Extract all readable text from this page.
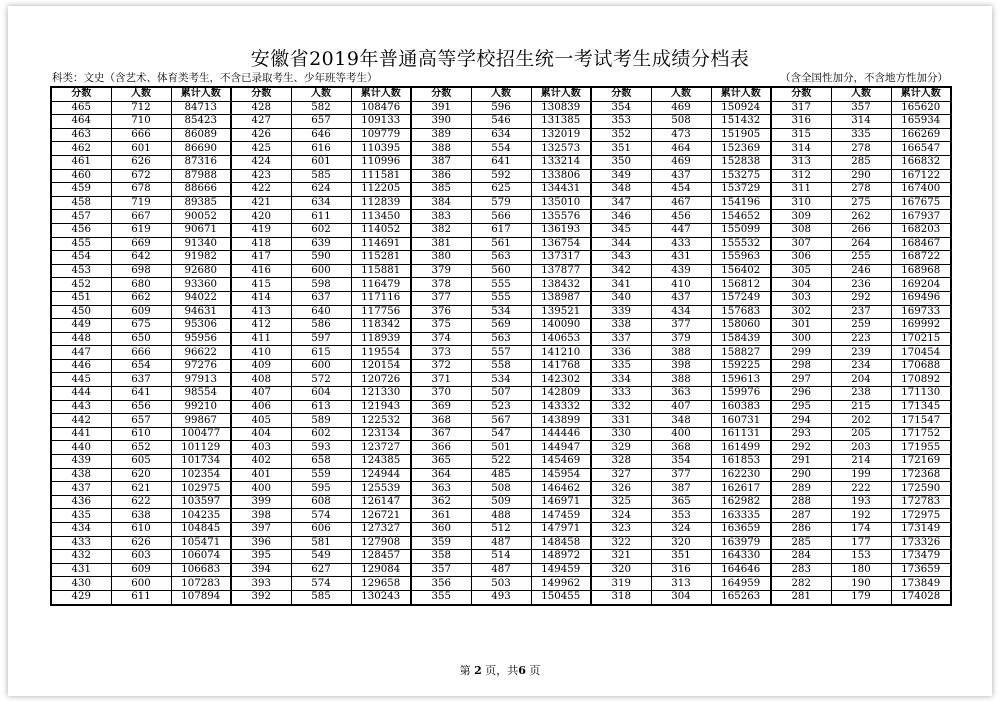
安徽省2019年普通高等学校招生统一考试考生成绩分档表
科类：文史（含艺术、体育类考生，不含已录取考生、少年班等考生）	（含全国性加分，不含地方性加分）
分数	人数	累计人数	分数	人数	累计人数	分数	人数	累计人数	分数	人数	累计人数	分数	人数	累计人数
465	712	84713	428	582	108476	391	596	130839	354	469	150924	317	357	165620
464	710	85423	427	657	109133	390	546	131385	353	508	151432	316	314	165934
463	666	86089	426	646	109779	389	634	132019	352	473	151905	315	335	166269
462	601	86690	425	616	110395	388	554	132573	351	464	152369	314	278	166547
461	626	87316	424	601	110996	387	641	133214	350	469	152838	313	285	166832
460	672	87988	423	585	111581	386	592	133806	349	437	153275	312	290	167122
459	678	88666	422	624	112205	385	625	134431	348	454	153729	311	278	167400
458	719	89385	421	634	112839	384	579	135010	347	467	154196	310	275	167675
457	667	90052	420	611	113450	383	566	135576	346	456	154652	309	262	167937
456	619	90671	419	602	114052	382	617	136193	345	447	155099	308	266	168203
455	669	91340	418	639	114691	381	561	136754	344	433	155532	307	264	168467
454	642	91982	417	590	115281	380	563	137317	343	431	155963	306	255	168722
453	698	92680	416	600	115881	379	560	137877	342	439	156402	305	246	168968
452	680	93360	415	598	116479	378	555	138432	341	410	156812	304	236	169204
451	662	94022	414	637	117116	377	555	138987	340	437	157249	303	292	169496
450	609	94631	413	640	117756	376	534	139521	339	434	157683	302	237	169733
449	675	95306	412	586	118342	375	569	140090	338	377	158060	301	259	169992
448	650	95956	411	597	118939	374	563	140653	337	379	158439	300	223	170215
447	666	96622	410	615	119554	373	557	141210	336	388	158827	299	239	170454
446	654	97276	409	600	120154	372	558	141768	335	398	159225	298	234	170688
445	637	97913	408	572	120726	371	534	142302	334	388	159613	297	204	170892
444	641	98554	407	604	121330	370	507	142809	333	363	159976	296	238	171130
443	656	99210	406	613	121943	369	523	143332	332	407	160383	295	215	171345
442	657	99867	405	589	122532	368	567	143899	331	348	160731	294	202	171547
441	610	100477	404	602	123134	367	547	144446	330	400	161131	293	205	171752
440	652	101129	403	593	123727	366	501	144947	329	368	161499	292	203	171955
439	605	101734	402	658	124385	365	522	145469	328	354	161853	291	214	172169
438	620	102354	401	559	124944	364	485	145954	327	377	162230	290	199	172368
437	621	102975	400	595	125539	363	508	146462	326	387	162617	289	222	172590
436	622	103597	399	608	126147	362	509	146971	325	365	162982	288	193	172783
435	638	104235	398	574	126721	361	488	147459	324	353	163335	287	192	172975
434	610	104845	397	606	127327	360	512	147971	323	324	163659	286	174	173149
433	626	105471	396	581	127908	359	487	148458	322	320	163979	285	177	173326
432	603	106074	395	549	128457	358	514	148972	321	351	164330	284	153	173479
431	609	106683	394	627	129084	357	487	149459	320	316	164646	283	180	173659
430	600	107283	393	574	129658	356	503	149962	319	313	164959	282	190	173849
429	611	107894	392	585	130243	355	493	150455	318	304	165263	281	179	174028
第 2 页，共6 页
